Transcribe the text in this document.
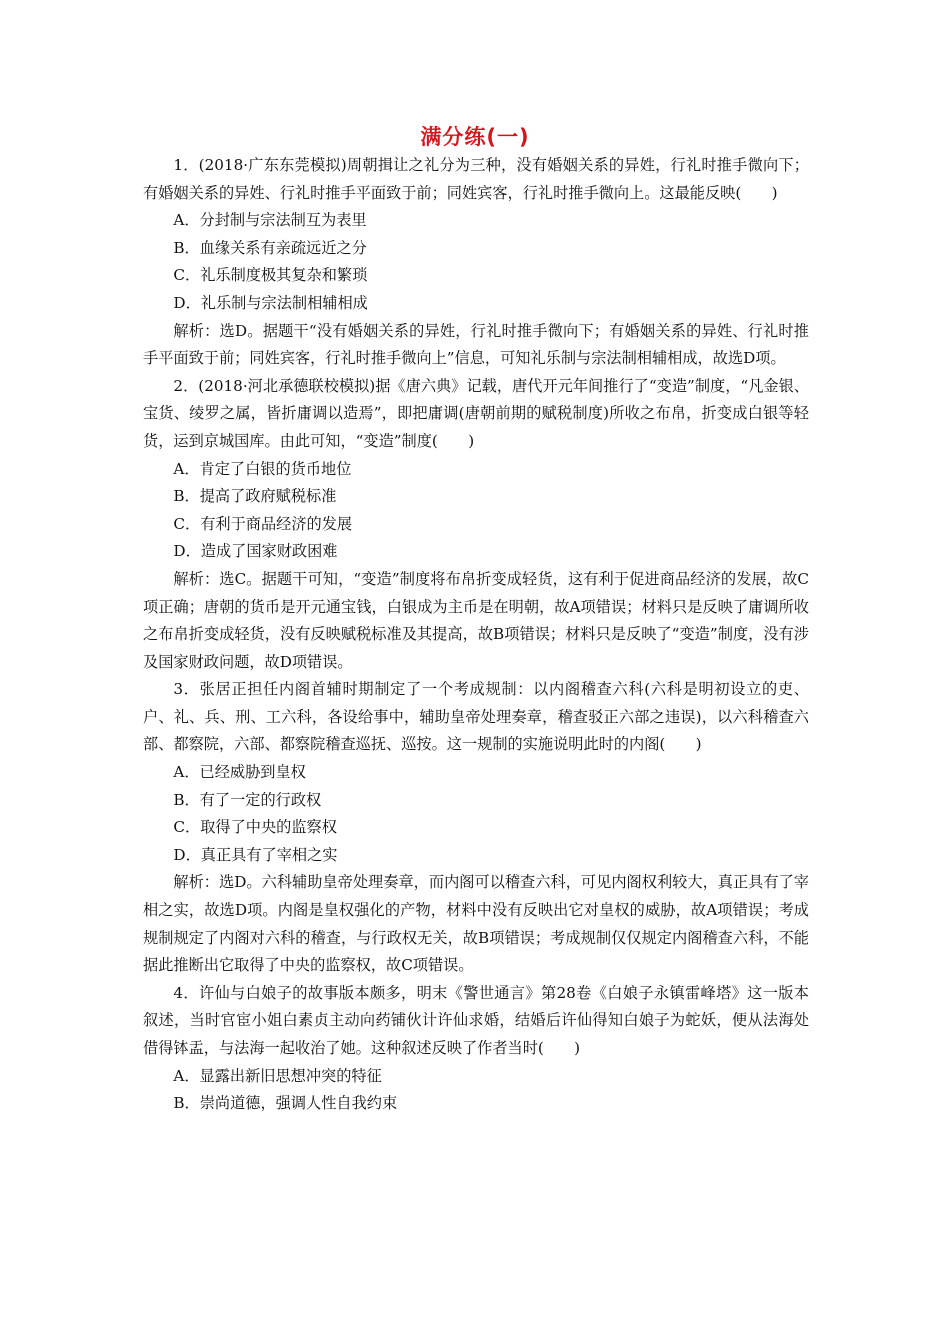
满分练(一)

1．(2018·广东东莞模拟)周朝揖让之礼分为三种，没有婚姻关系的异姓，行礼时推手微向下；有婚姻关系的异姓、行礼时推手平面致于前；同姓宾客，行礼时推手微向上。这最能反映(　　)

A．分封制与宗法制互为表里

B．血缘关系有亲疏远近之分

C．礼乐制度极其复杂和繁琐

D．礼乐制与宗法制相辅相成

解析：选D。据题干“没有婚姻关系的异姓，行礼时推手微向下；有婚姻关系的异姓、行礼时推手平面致于前；同姓宾客，行礼时推手微向上”信息，可知礼乐制与宗法制相辅相成，故选D项。

2．(2018·河北承德联校模拟)据《唐六典》记载，唐代开元年间推行了“变造”制度，“凡金银、宝货、绫罗之属，皆折庸调以造焉”，即把庸调(唐朝前期的赋税制度)所收之布帛，折变成白银等轻货，运到京城国库。由此可知，“变造”制度(　　)

A．肯定了白银的货币地位

B．提高了政府赋税标准

C．有利于商品经济的发展

D．造成了国家财政困难

解析：选C。据题干可知，“变造”制度将布帛折变成轻货，这有利于促进商品经济的发展，故C项正确；唐朝的货币是开元通宝钱，白银成为主币是在明朝，故A项错误；材料只是反映了庸调所收之布帛折变成轻货，没有反映赋税标准及其提高，故B项错误；材料只是反映了“变造”制度，没有涉及国家财政问题，故D项错误。

3．张居正担任内阁首辅时期制定了一个考成规制：以内阁稽查六科(六科是明初设立的吏、户、礼、兵、刑、工六科，各设给事中，辅助皇帝处理奏章，稽查驳正六部之违误)，以六科稽查六部、都察院，六部、都察院稽查巡抚、巡按。这一规制的实施说明此时的内阁(　　)

A．已经威胁到皇权

B．有了一定的行政权

C．取得了中央的监察权

D．真正具有了宰相之实

解析：选D。六科辅助皇帝处理奏章，而内阁可以稽查六科，可见内阁权利较大，真正具有了宰相之实，故选D项。内阁是皇权强化的产物，材料中没有反映出它对皇权的威胁，故A项错误；考成规制规定了内阁对六科的稽查，与行政权无关，故B项错误；考成规制仅仅规定内阁稽查六科，不能据此推断出它取得了中央的监察权，故C项错误。

4．许仙与白娘子的故事版本颇多，明末《警世通言》第28卷《白娘子永镇雷峰塔》这一版本叙述，当时官宦小姐白素贞主动向药铺伙计许仙求婚，结婚后许仙得知白娘子为蛇妖，便从法海处借得钵盂，与法海一起收治了她。这种叙述反映了作者当时(　　)

A．显露出新旧思想冲突的特征

B．崇尚道德，强调人性自我约束
